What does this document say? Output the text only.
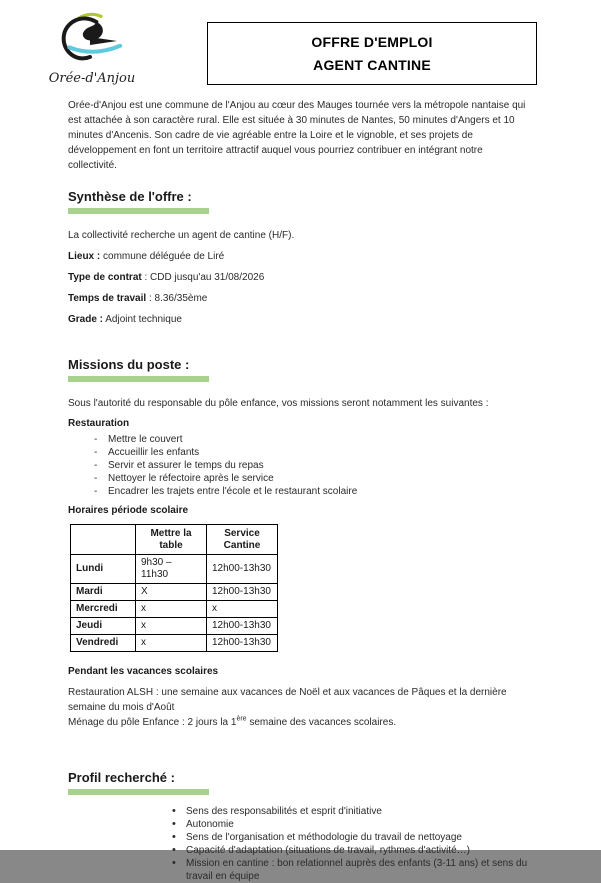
Orée-d'Anjou
OFFRE D'EMPLOI
AGENT CANTINE

Orée-d'Anjou est une commune de l'Anjou au cœur des Mauges tournée vers la métropole nantaise qui est attachée à son caractère rural. Elle est située à 30 minutes de Nantes, 50 minutes d'Angers et 10 minutes d'Ancenis. Son cadre de vie agréable entre la Loire et le vignoble, et ses projets de développement en font un territoire attractif auquel vous pourriez contribuer en intégrant notre collectivité.

Synthèse de l'offre :

La collectivité recherche un agent de cantine (H/F).

Lieux : commune déléguée de Liré

Type de contrat : CDD jusqu'au 31/08/2026

Temps de travail : 8.36/35ème

Grade : Adjoint technique

Missions du poste :

Sous l'autorité du responsable du pôle enfance, vos missions seront notamment les suivantes :

Restauration

- Mettre le couvert
- Accueillir les enfants
- Servir et assurer le temps du repas
- Nettoyer le réfectoire après le service
- Encadrer les trajets entre l'école et le restaurant scolaire

Horaires période scolaire

	Mettre la table	Service Cantine
Lundi	9h30 – 11h30	12h00-13h30
Mardi	X	12h00-13h30
Mercredi	x	x
Jeudi	x	12h00-13h30
Vendredi	x	12h00-13h30

Pendant les vacances scolaires

Restauration ALSH : une semaine aux vacances de Noël et aux vacances de Pâques et la dernière semaine du mois d'Août

Ménage du pôle Enfance : 2 jours la 1ère semaine des vacances scolaires.

Profil recherché :

• Sens des responsabilités et esprit d'initiative
• Autonomie
• Sens de l'organisation et méthodologie du travail de nettoyage
• Capacité d'adaptation (situations de travail, rythmes d'activité…)
• Mission en cantine : bon relationnel auprès des enfants (3-11 ans) et sens du travail en équipe
